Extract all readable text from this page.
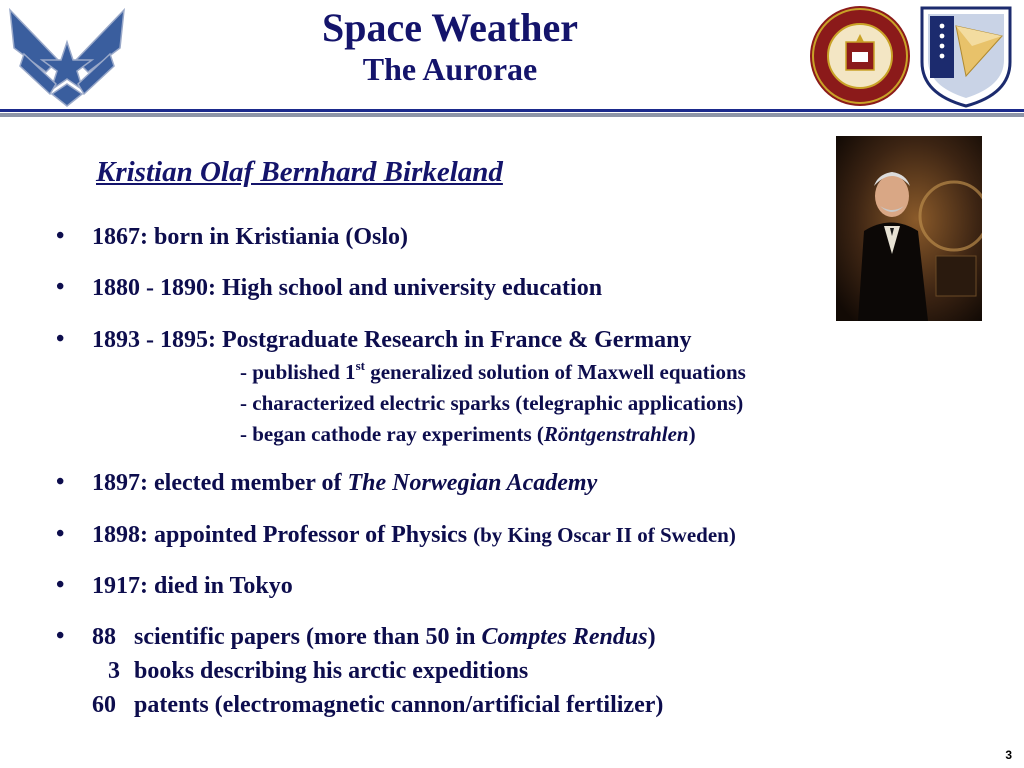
Space Weather
The Aurorae
Kristian Olaf Bernhard Birkeland
• 1867: born in Kristiania (Oslo)
• 1880 - 1890: High school and university education
• 1893 - 1895: Postgraduate Research in France & Germany
- published 1st generalized solution of Maxwell equations
- characterized electric sparks (telegraphic applications)
- began cathode ray experiments (Röntgenstrahlen)
• 1897: elected member of The Norwegian Academy
• 1898: appointed Professor of Physics (by King Oscar II of Sweden)
• 1917: died in Tokyo
• 88 scientific papers (more than 50 in Comptes Rendus)
3 books describing his arctic expeditions
60 patents (electromagnetic cannon/artificial fertilizer)
3
